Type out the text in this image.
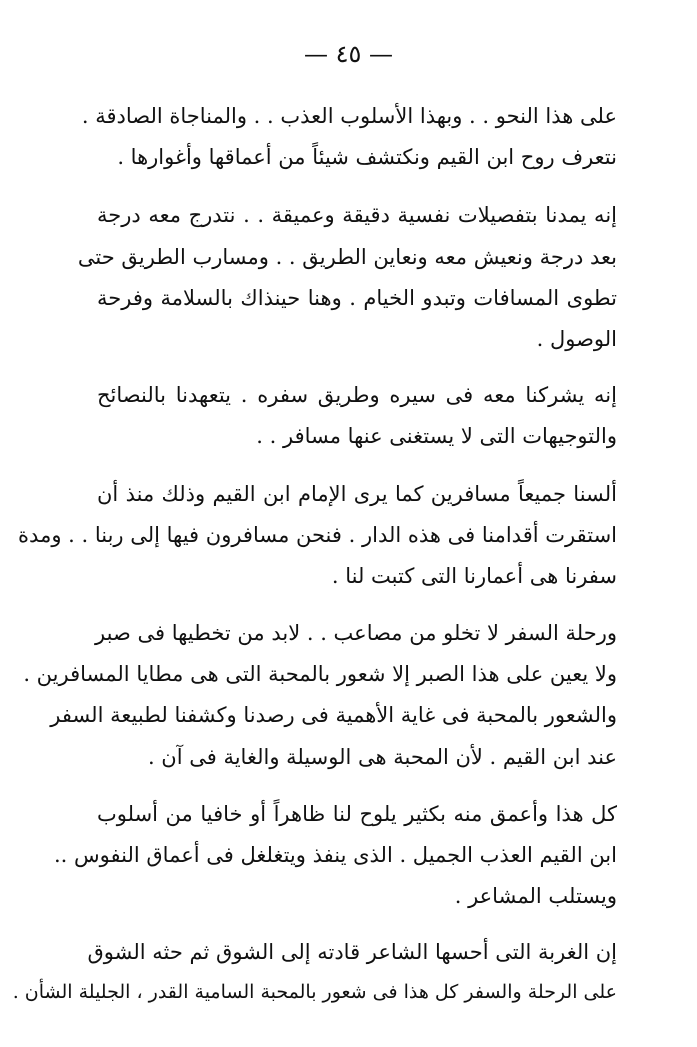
— ٤٥ —
على هذا النحو . . وبهذا الأسلوب العذب . . والمناجاة الصادقة .
نتعرف روح ابن القيم ونكتشف شيئاً من أعماقها وأغوارها .
إنه يمدنا بتفصيلات نفسية دقيقة وعميقة . . نتدرج معه درجة
بعد درجة ونعيش معه ونعاين الطريق . . ومسارب الطريق حتى
تطوى المسافات وتبدو الخيام . وهنا حينذاك بالسلامة وفرحة
الوصول .
إنه يشركنا معه فى سيره وطريق سفره . يتعهدنا بالنصائح
والتوجيهات التى لا يستغنى عنها مسافر . .
ألسنا جميعاً مسافرين كما يرى الإمام ابن القيم وذلك منذ أن
استقرت أقدامنا فى هذه الدار . فنحن مسافرون فيها إلى ربنا . . ومدة
سفرنا هى أعمارنا التى كتبت لنا .
ورحلة السفر لا تخلو من مصاعب . . لابد من تخطيها فى صبر
ولا يعين على هذا الصبر إلا شعور بالمحبة التى هى مطايا المسافرين .
والشعور بالمحبة فى غاية الأهمية فى رصدنا وكشفنا لطبيعة السفر
عند ابن القيم . لأن المحبة هى الوسيلة والغاية فى آن .
كل هذا وأعمق منه بكثير يلوح لنا ظاهراً أو خافيا من أسلوب
ابن القيم العذب الجميل . الذى ينفذ ويتغلغل فى أعماق النفوس ..
ويستلب المشاعر .
إن الغربة التى أحسها الشاعر قادته إلى الشوق ثم حثه الشوق
على الرحلة والسفر كل هذا فى شعور بالمحبة السامية القدر ، الجليلة الشأن .
